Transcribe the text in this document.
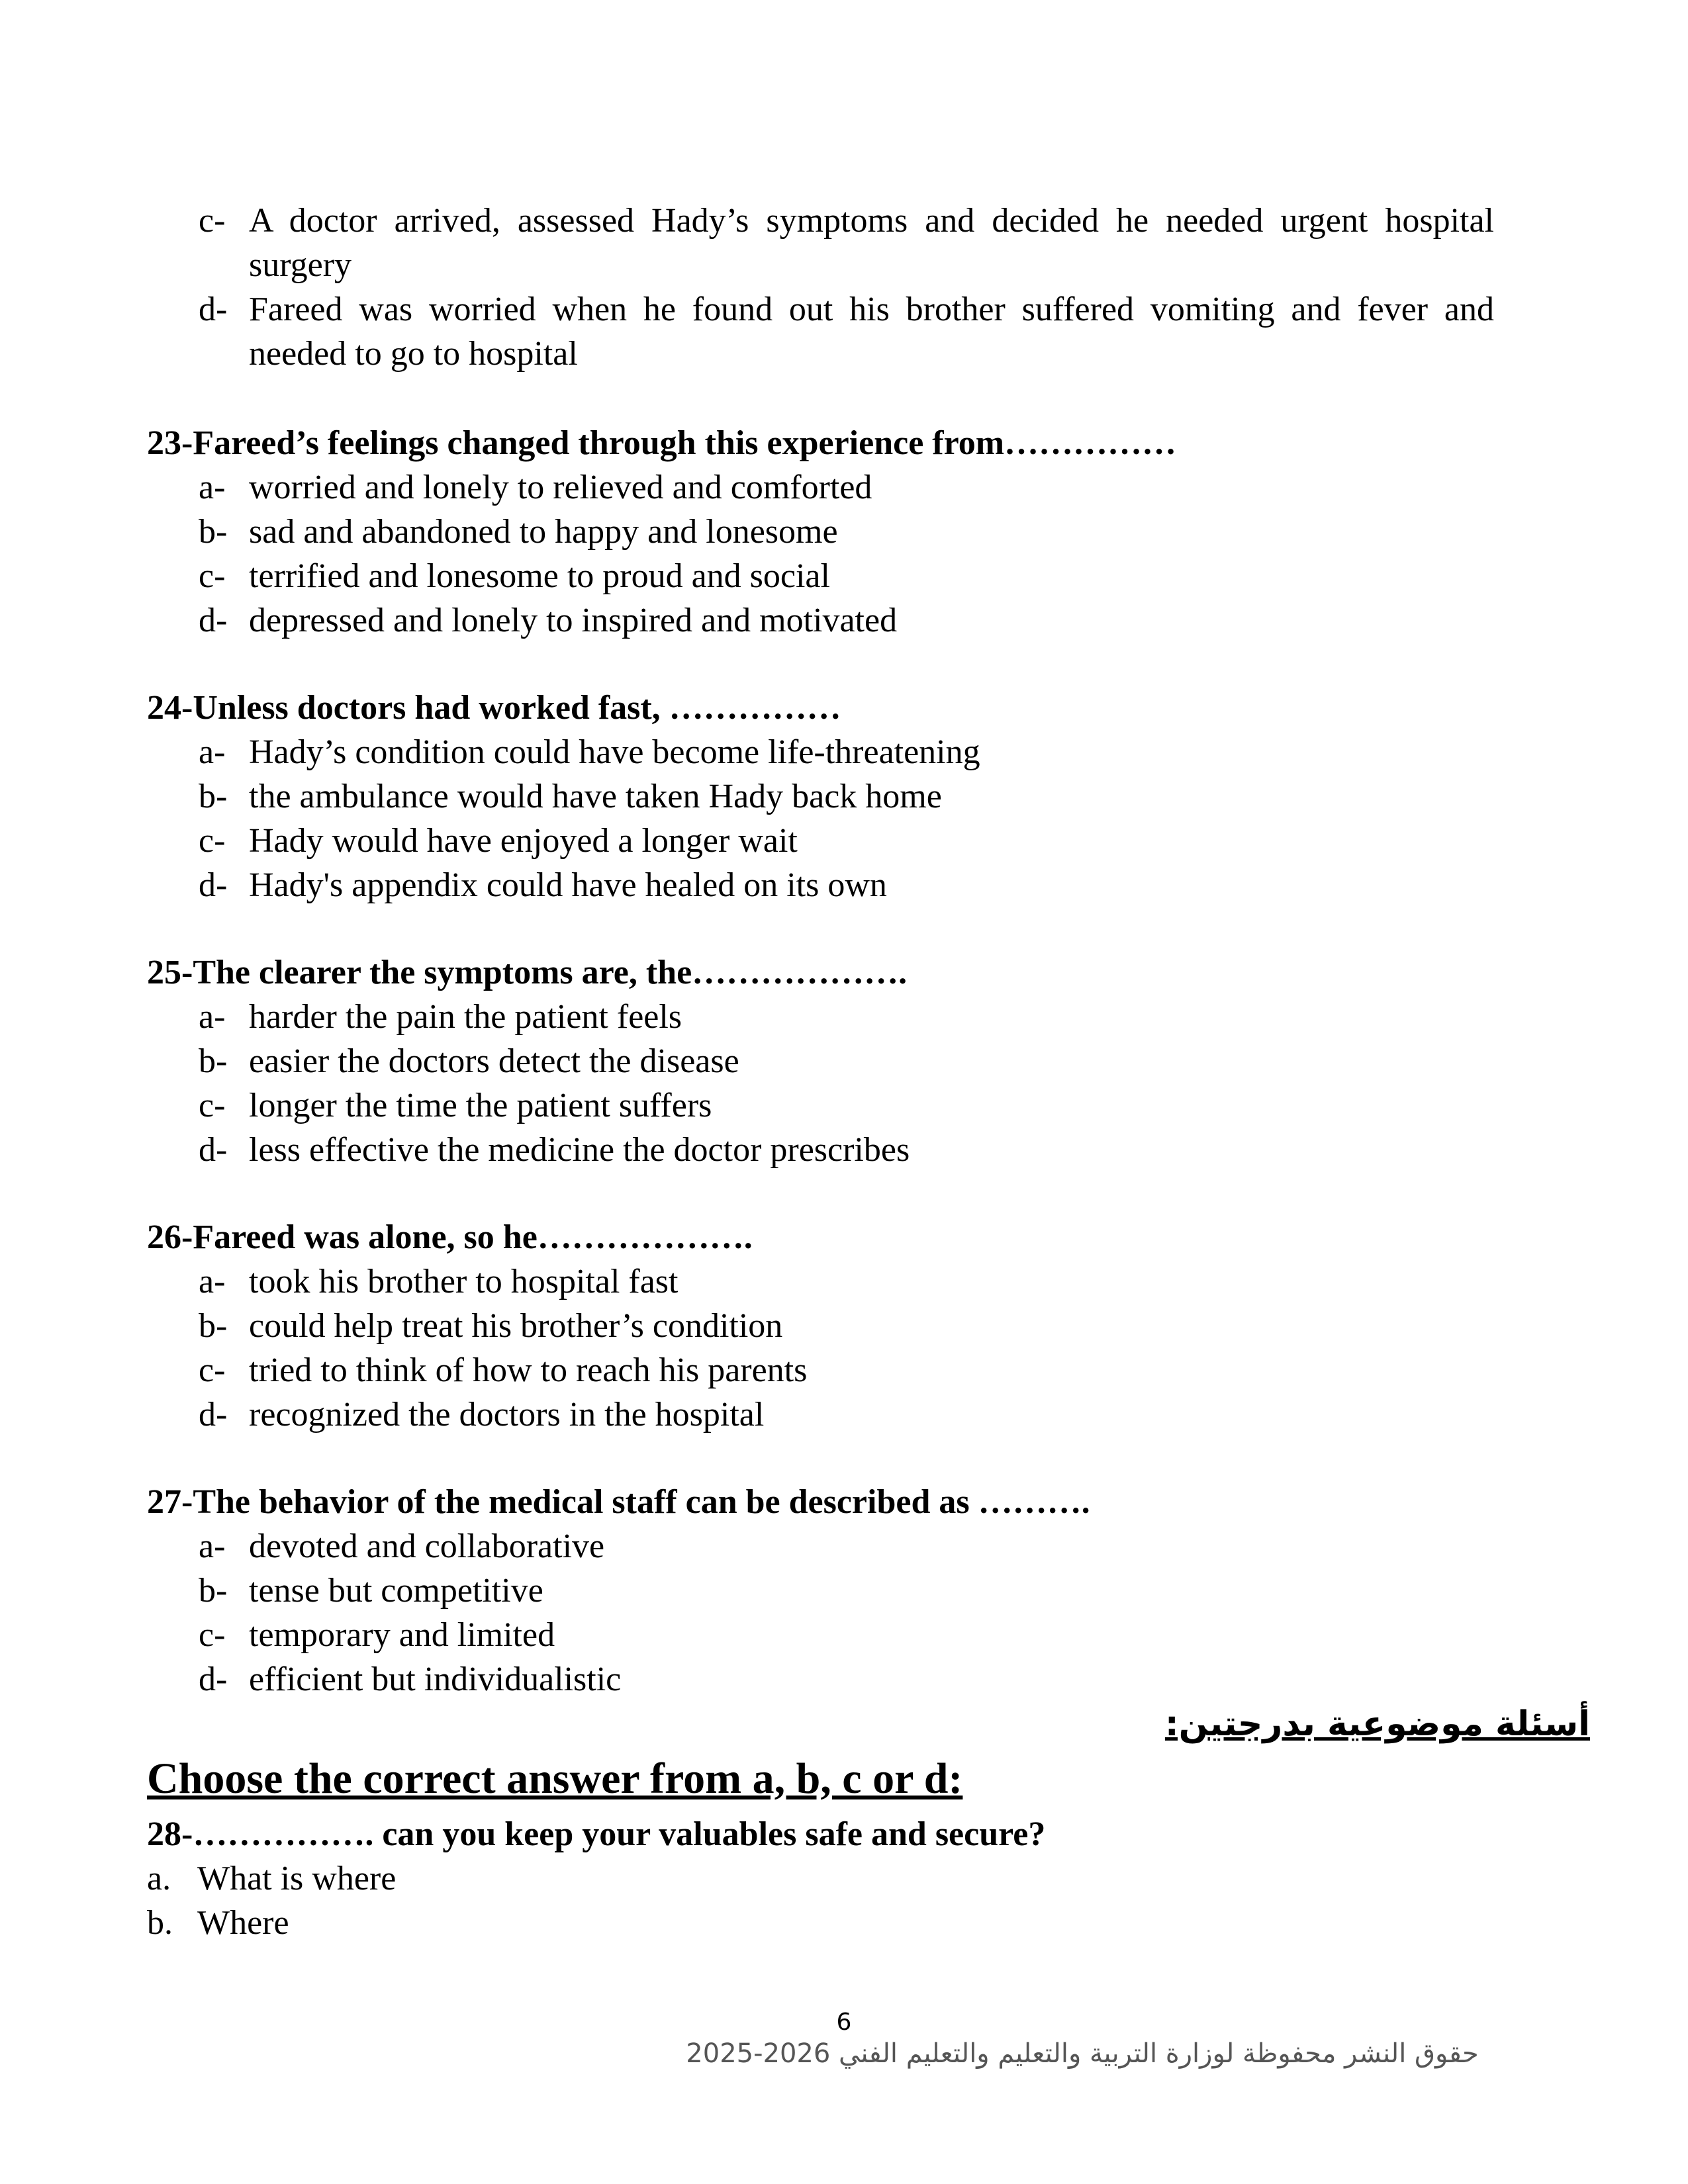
c- A doctor arrived, assessed Hady’s symptoms and decided he needed urgent hospital surgery
d- Fareed was worried when he found out his brother suffered vomiting and fever and needed to go to hospital

23-Fareed’s feelings changed through this experience from……………

a- worried and lonely to relieved and comforted
b- sad and abandoned to happy and lonesome
c- terrified and lonesome to proud and social
d- depressed and lonely to inspired and motivated

24-Unless doctors had worked fast, ……………

a- Hady’s condition could have become life-threatening
b- the ambulance would have taken Hady back home
c- Hady would have enjoyed a longer wait
d- Hady's appendix could have healed on its own

25-The clearer the symptoms are, the……………….

a- harder the pain the patient feels
b- easier the doctors detect the disease
c- longer the time the patient suffers
d- less effective the medicine the doctor prescribes

26-Fareed was alone, so he……………….

a- took his brother to hospital fast
b- could help treat his brother’s condition
c- tried to think of how to reach his parents
d- recognized the doctors in the hospital

27-The behavior of the medical staff can be described as ……….

a- devoted and collaborative
b- tense but competitive
c- temporary and limited
d- efficient but individualistic
أسئلة موضوعية بدرجتين:
Choose the correct answer from a, b, c or d:

28-……………. can you keep your valuables safe and secure?

a. What is where
b. Where
6
حقوق النشر محفوظة لوزارة التربية والتعليم والتعليم الفني 2026-2025
